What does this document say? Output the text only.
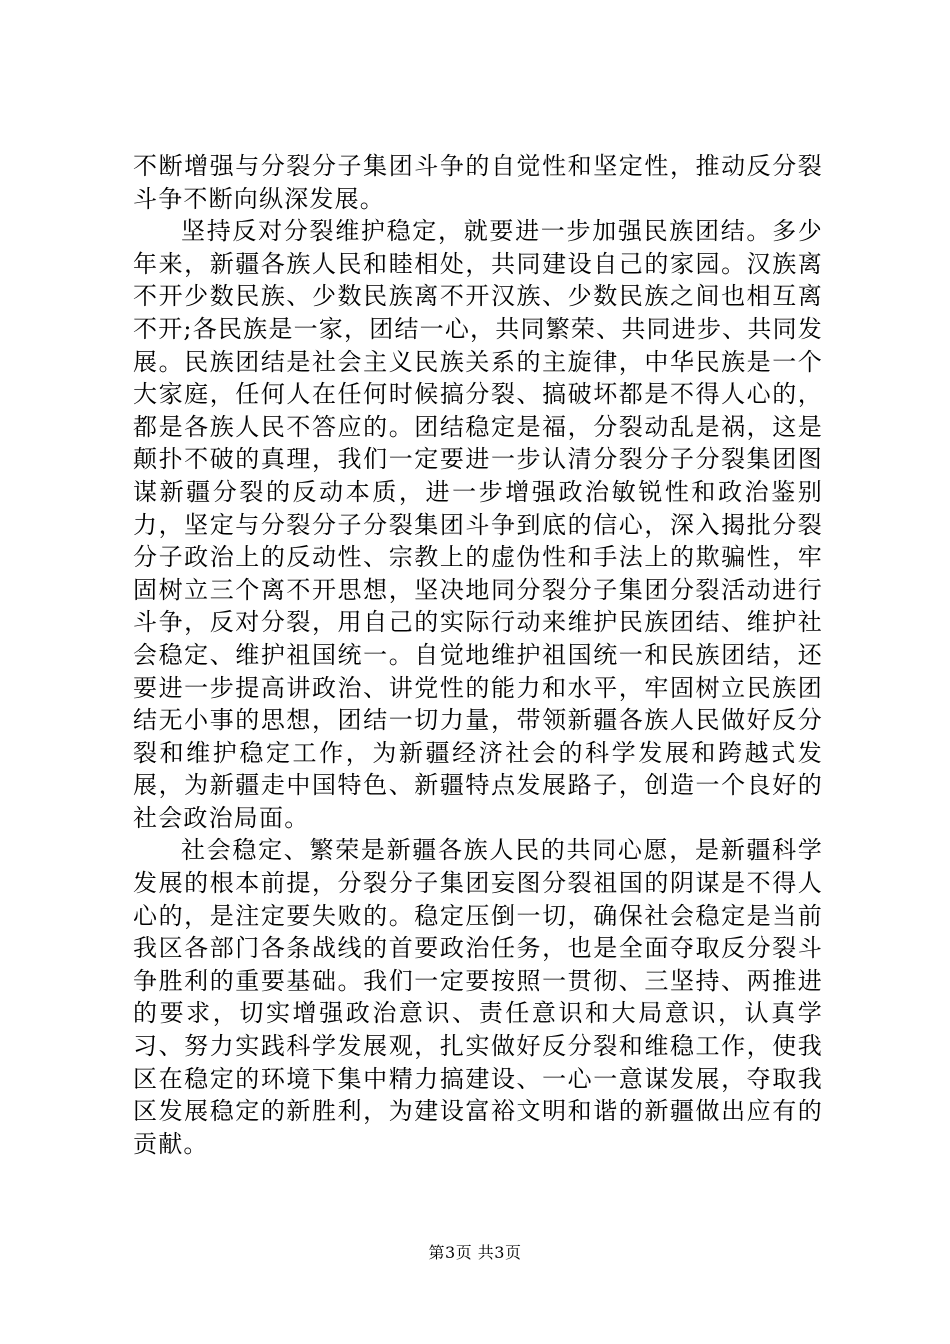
不断增强与分裂分子集团斗争的自觉性和坚定性，推动反分裂斗争不断向纵深发展。

坚持反对分裂维护稳定，就要进一步加强民族团结。多少年来，新疆各族人民和睦相处，共同建设自己的家园。汉族离不开少数民族、少数民族离不开汉族、少数民族之间也相互离不开;各民族是一家，团结一心，共同繁荣、共同进步、共同发展。民族团结是社会主义民族关系的主旋律，中华民族是一个大家庭，任何人在任何时候搞分裂、搞破坏都是不得人心的，都是各族人民不答应的。团结稳定是福，分裂动乱是祸，这是颠扑不破的真理，我们一定要进一步认清分裂分子分裂集团图谋新疆分裂的反动本质，进一步增强政治敏锐性和政治鉴别力，坚定与分裂分子分裂集团斗争到底的信心，深入揭批分裂分子政治上的反动性、宗教上的虚伪性和手法上的欺骗性，牢固树立三个离不开思想，坚决地同分裂分子集团分裂活动进行斗争，反对分裂，用自己的实际行动来维护民族团结、维护社会稳定、维护祖国统一。自觉地维护祖国统一和民族团结，还要进一步提高讲政治、讲党性的能力和水平，牢固树立民族团结无小事的思想，团结一切力量，带领新疆各族人民做好反分裂和维护稳定工作，为新疆经济社会的科学发展和跨越式发展，为新疆走中国特色、新疆特点发展路子，创造一个良好的社会政治局面。

社会稳定、繁荣是新疆各族人民的共同心愿，是新疆科学发展的根本前提，分裂分子集团妄图分裂祖国的阴谋是不得人心的，是注定要失败的。稳定压倒一切，确保社会稳定是当前我区各部门各条战线的首要政治任务，也是全面夺取反分裂斗争胜利的重要基础。我们一定要按照一贯彻、三坚持、两推进的要求，切实增强政治意识、责任意识和大局意识，认真学习、努力实践科学发展观，扎实做好反分裂和维稳工作，使我区在稳定的环境下集中精力搞建设、一心一意谋发展，夺取我区发展稳定的新胜利，为建设富裕文明和谐的新疆做出应有的贡献。

第3页 共3页
